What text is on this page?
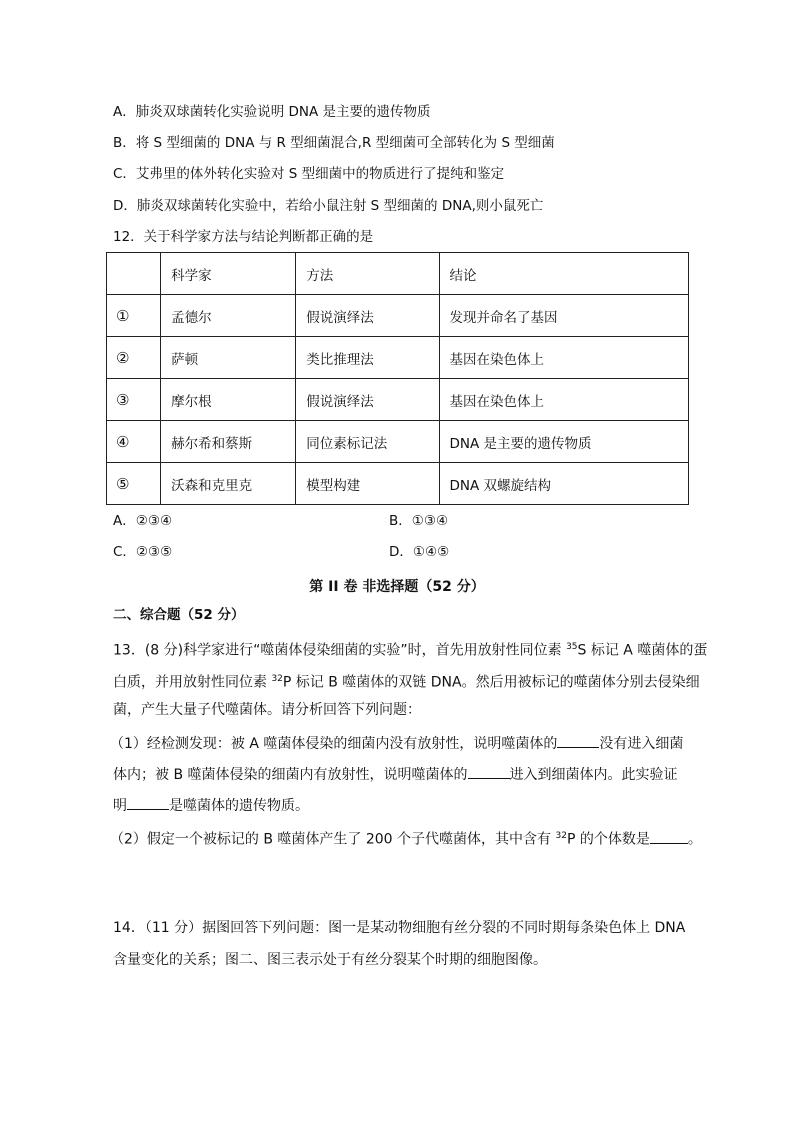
A．肺炎双球菌转化实验说明 DNA 是主要的遗传物质
B．将 S 型细菌的 DNA 与 R 型细菌混合,R 型细菌可全部转化为 S 型细菌
C．艾弗里的体外转化实验对 S 型细菌中的物质进行了提纯和鉴定
D．肺炎双球菌转化实验中，若给小鼠注射 S 型细菌的 DNA,则小鼠死亡
12．关于科学家方法与结论判断都正确的是
	科学家	方法	结论
①	孟德尔	假说演绎法	发现并命名了基因
②	萨顿	类比推理法	基因在染色体上
③	摩尔根	假说演绎法	基因在染色体上
④	赫尔希和蔡斯	同位素标记法	DNA 是主要的遗传物质
⑤	沃森和克里克	模型构建	DNA 双螺旋结构
A．②③④	B．①③④
C．②③⑤	D．①④⑤
第 II 卷 非选择题（52 分）
二、综合题（52 分）
13．(8 分)科学家进行“噬菌体侵染细菌的实验”时，首先用放射性同位素 $^{35}$S 标记 A 噬菌体的蛋
白质，并用放射性同位素 $^{32}$P 标记 B 噬菌体的双链 DNA。然后用被标记的噬菌体分别去侵染细
菌，产生大量子代噬菌体。请分析回答下列问题：
（1）经检测发现：被 A 噬菌体侵染的细菌内没有放射性，说明噬菌体的	没有进入细菌
体内；被 B 噬菌体侵染的细菌内有放射性，说明噬菌体的	进入到细菌体内。此实验证
明	是噬菌体的遗传物质。
（2）假定一个被标记的 B 噬菌体产生了 200 个子代噬菌体，其中含有 $^{32}$P 的个体数是	。
14．（11 分）据图回答下列问题：图一是某动物细胞有丝分裂的不同时期每条染色体上 DNA
含量变化的关系；图二、图三表示处于有丝分裂某个时期的细胞图像。
